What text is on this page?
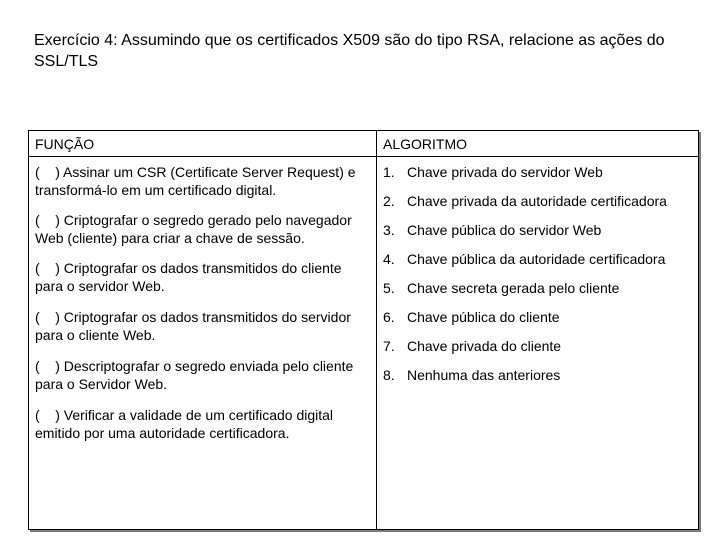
Exercício 4: Assumindo que os certificados X509 são do tipo RSA, relacione as ações do SSL/TLS
FUNÇÃO	ALGORITMO

(    ) Assinar um CSR (Certificate Server Request) e transformá-lo em um certificado digital.

(    ) Criptografar o segredo gerado pelo navegador Web (cliente) para criar a chave de sessão.

(    ) Criptografar os dados transmitidos do cliente para o servidor Web.

(    ) Criptografar os dados transmitidos do servidor para o cliente Web.

(    ) Descriptografar o segredo enviada pelo cliente para o Servidor Web.

(    ) Verificar a validade de um certificado digital emitido por uma autoridade certificadora.

1. Chave privada do servidor Web
2. Chave privada da autoridade certificadora
3. Chave pública do servidor Web
4. Chave pública da autoridade certificadora
5. Chave secreta gerada pelo cliente
6. Chave pública do cliente
7. Chave privada do cliente
8. Nenhuma das anteriores
